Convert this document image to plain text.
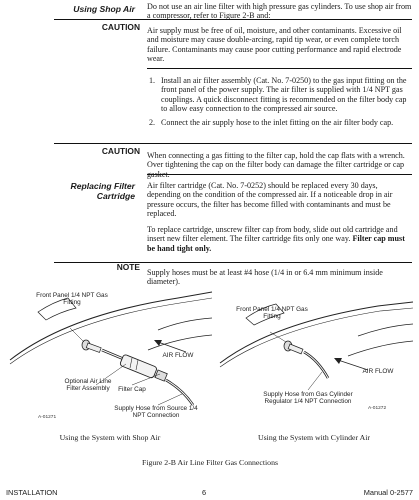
Using Shop Air
CAUTION
CAUTION
Replacing Filter Cartridge
NOTE
Do not use an air line filter with high pressure gas cylinders. To use shop air from a compressor, refer to Figure 2-B and:
Air supply must be free of oil, moisture, and other contaminants. Excessive oil and moisture may cause double-arcing, rapid tip wear, or even complete torch failure. Contaminants may cause poor cutting performance and rapid electrode wear.
1. Install an air filter assembly (Cat. No. 7-0250) to the gas input fitting on the front panel of the power supply. The air filter is supplied with 1/4 NPT gas couplings. A quick disconnect fitting is recommended on the filter body cap to allow easy connection to the compressed air source.
2. Connect the air supply hose to the inlet fitting on the air filter body cap.
When connecting a gas fitting to the filter cap, hold the cap flats with a wrench. Over tightening the cap on the filter body can damage the filter cartridge or cap gasket.
Air filter cartridge (Cat. No. 7-0252) should be replaced every 30 days, depending on the condition of the compressed air. If a noticeable drop in air pressure occurs, the filter has become filled with contaminants and must be replaced.
To replace cartridge, unscrew filter cap from body, slide out old cartridge and insert new filter element. The filter cartridge fits only one way. Filter cap must be hand tight only.
Supply hoses must be at least #4 hose (1/4 in or 6.4 mm minimum inside diameter).
Front Panel 1/4 NPT Gas Fitting
AIR FLOW
Optional Air Line Filter Assembly	Filter Cap
Supply Hose from Source 1/4 NPT Connection
A-01271
Using the System with Shop Air
Front Panel 1/4 NPT Gas Fitting
AIR FLOW
Supply Hose from Gas Cylinder Regulator 1/4 NPT Connection
A-01272
Using the System with Cylinder Air
Figure 2-B Air Line Filter Gas Connections
INSTALLATION	6	Manual 0-2577
